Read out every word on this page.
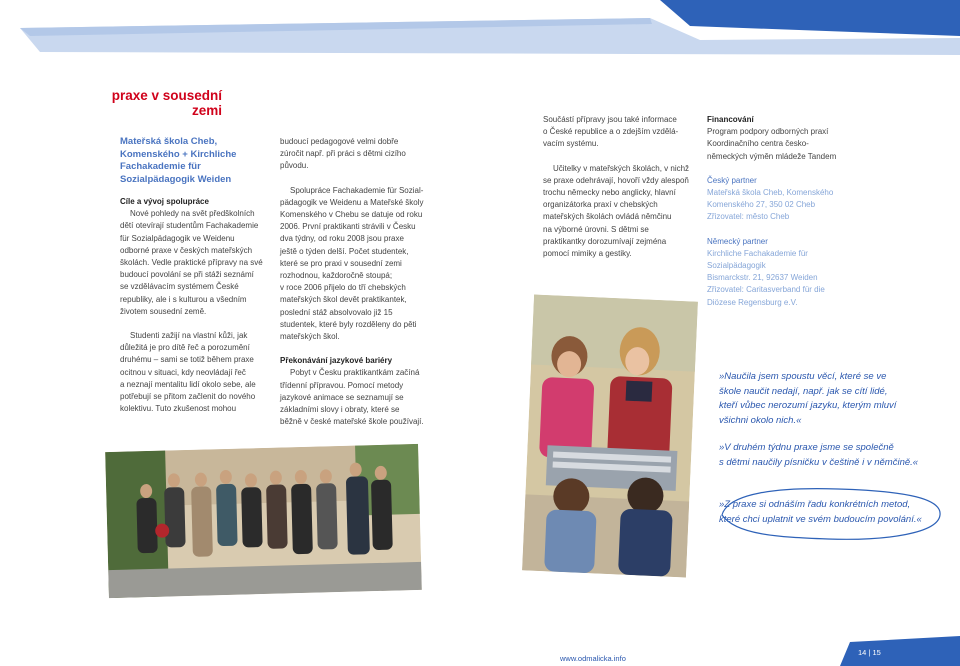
praxe v sousední
zemi
Mateřská škola Cheb,
Komenského + Kirchliche
Fachakademie für
Sozialpädagogik Weiden

Cíle a vývoj spolupráce

Nové pohledy na svět předškolních

dětí otevírají studentům Fachakademie

für Sozialpädagogik ve Weidenu

odborné praxe v českých mateřských

školách. Vedle praktické přípravy na své

budoucí povolání se při stáži seznámí

se vzdělávacím systémem České

republiky, ale i s kulturou a všedním

životem sousední země.

Studenti zažijí na vlastní kůži, jak

důležitá je pro dítě řeč a porozumění

druhému – sami se totiž během praxe

ocitnou v situaci, kdy neovládají řeč

a neznají mentalitu lidí okolo sebe, ale

potřebují se přitom začlenit do nového

kolektivu. Tuto zkušenost mohou

budoucí pedagogové velmi dobře

zúročit např. při práci s dětmi cizího

původu.

Spolupráce Fachakademie für Sozial-

pädagogik ve Weidenu a Mateřské školy

Komenského v Chebu se datuje od roku

2006. První praktikanti strávili v Česku

dva týdny, od roku 2008 jsou praxe

ještě o týden delší. Počet studentek,

které se pro praxi v sousední zemi

rozhodnou, každoročně stoupá;

v roce 2006 přijelo do tří chebských

mateřských škol devět praktikantek,

poslední stáž absolvovalo již 15

studentek, které byly rozděleny do pěti

mateřských škol.

Překonávání jazykové bariéry

Pobyt v Česku praktikantkám začíná

třídenní přípravou. Pomocí metody

jazykové animace se seznamují se

základními slovy i obraty, které se

běžně v české mateřské škole používají.

Součástí přípravy jsou také informace

o České republice a o zdejším vzdělá-

vacím systému.

Učitelky v mateřských školách, v nichž

se praxe odehrávají, hovoří vždy alespoň

trochu německy nebo anglicky, hlavní

organizátorka praxí v chebských

mateřských školách ovládá němčinu

na výborné úrovni. S dětmi se

praktikantky dorozumívají zejména

pomocí mimiky a gestiky.

Financování

Program podpory odborných praxí

Koordinačního centra česko-

německých výměn mládeže Tandem

Český partner

Mateřská škola Cheb, Komenského

Komenského 27, 350 02 Cheb

Zřizovatel: město Cheb

Německý partner

Kirchliche Fachakademie für

Sozialpädagogik

Bismarckstr. 21, 92637 Weiden

Zřizovatel: Caritasverband für die

Diözese Regensburg e.V.

»Naučila jsem spoustu věcí, které se ve
škole naučit nedají, např. jak se cítí lidé,
kteří vůbec nerozumí jazyku, kterým mluví
všichni okolo nich.«
»V druhém týdnu praxe jsme se společně
s dětmi naučily písničku v češtině i v němčině.«
»Z praxe si odnáším řadu konkrétních metod,
které chci uplatnit ve svém budoucím povolání.«
www.odmalicka.info
14 | 15
